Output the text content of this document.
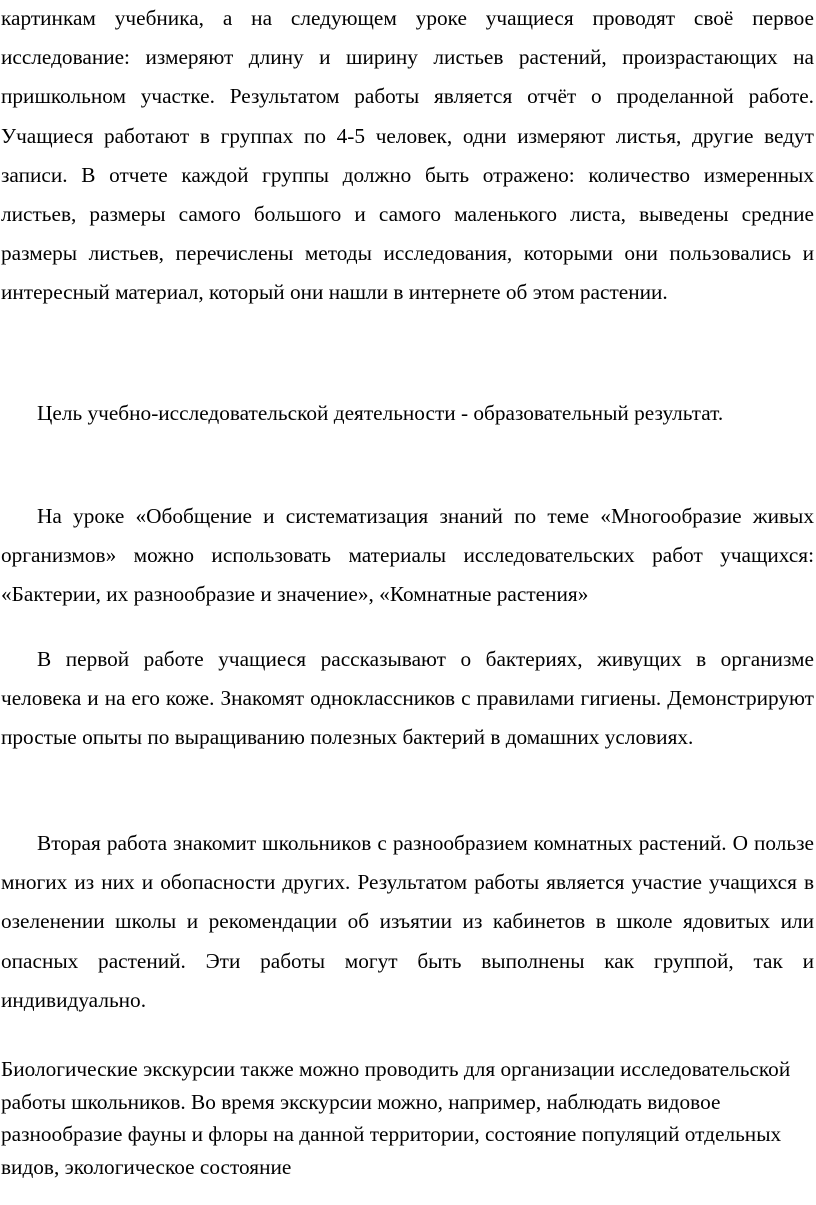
картинкам учебника, а на следующем уроке учащиеся проводят своё первое исследование: измеряют длину и ширину листьев растений, произрастающих на пришкольном участке. Результатом работы является отчёт о проделанной работе. Учащиеся работают в группах по 4-5 человек, одни измеряют листья, другие ведут записи. В отчете каждой группы должно быть отражено: количество измеренных листьев, размеры самого большого и самого маленького листа, выведены средние размеры листьев, перечислены методы исследования, которыми они пользовались и интересный материал, который они нашли в интернете об этом растении.

Цель учебно-исследовательской деятельности - образовательный результат.

На уроке «Обобщение и систематизация знаний по теме «Многообразие живых организмов» можно использовать материалы исследовательских работ учащихся: «Бактерии, их разнообразие и значение», «Комнатные растения»

В первой работе учащиеся рассказывают о бактериях, живущих в организме человека и на его коже. Знакомят одноклассников с правилами гигиены. Демонстрируют простые опыты по выращиванию полезных бактерий в домашних условиях.

Вторая работа знакомит школьников с разнообразием комнатных растений. О пользе многих из них и обопасности других. Результатом работы является участие учащихся в озеленении школы и рекомендации об изъятии из кабинетов в школе ядовитых или опасных растений. Эти работы могут быть выполнены как группой, так и индивидуально.

Биологические экскурсии также можно проводить для организации исследовательской работы школьников. Во время экскурсии можно, например, наблюдать видовое разнообразие фауны и флоры на данной территории, состояние популяций отдельных видов, экологическое состояние
